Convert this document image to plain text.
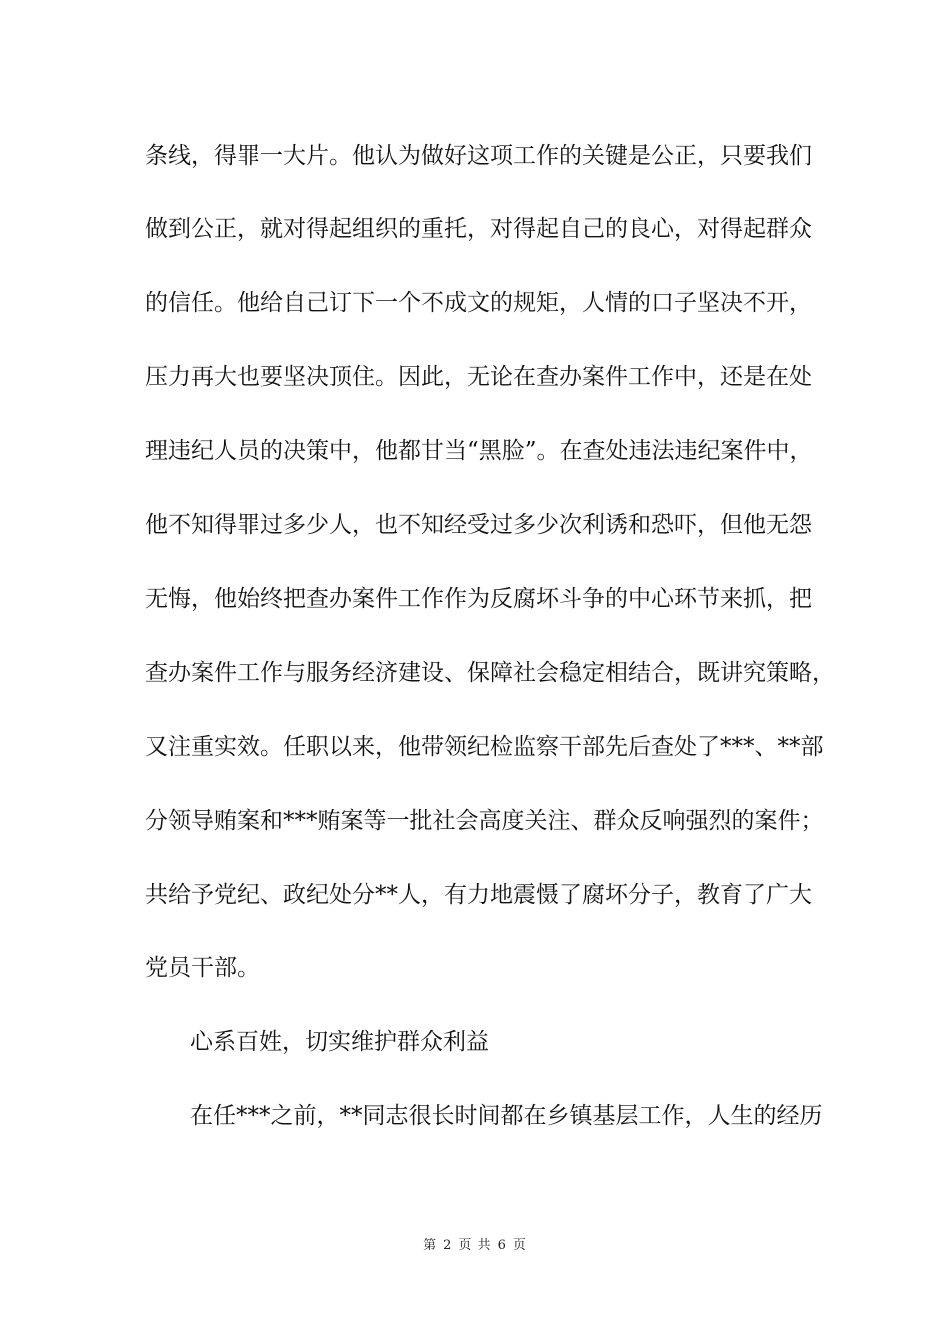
条线，得罪一大片。他认为做好这项工作的关键是公正，只要我们
做到公正，就对得起组织的重托，对得起自己的良心，对得起群众
的信任。他给自己订下一个不成文的规矩，人情的口子坚决不开，
压力再大也要坚决顶住。因此，无论在查办案件工作中，还是在处
理违纪人员的决策中，他都甘当“黑脸”。在查处违法违纪案件中，
他不知得罪过多少人，也不知经受过多少次利诱和恐吓，但他无怨
无悔，他始终把查办案件工作作为反腐坏斗争的中心环节来抓，把
查办案件工作与服务经济建设、保障社会稳定相结合，既讲究策略，
又注重实效。任职以来，他带领纪检监察干部先后查处了***、**部
分领导贿案和***贿案等一批社会高度关注、群众反响强烈的案件；
共给予党纪、政纪处分**人，有力地震慑了腐坏分子，教育了广大
党员干部。
心系百姓，切实维护群众利益
在任***之前，**同志很长时间都在乡镇基层工作，人生的经历
第 2 页 共 6 页
